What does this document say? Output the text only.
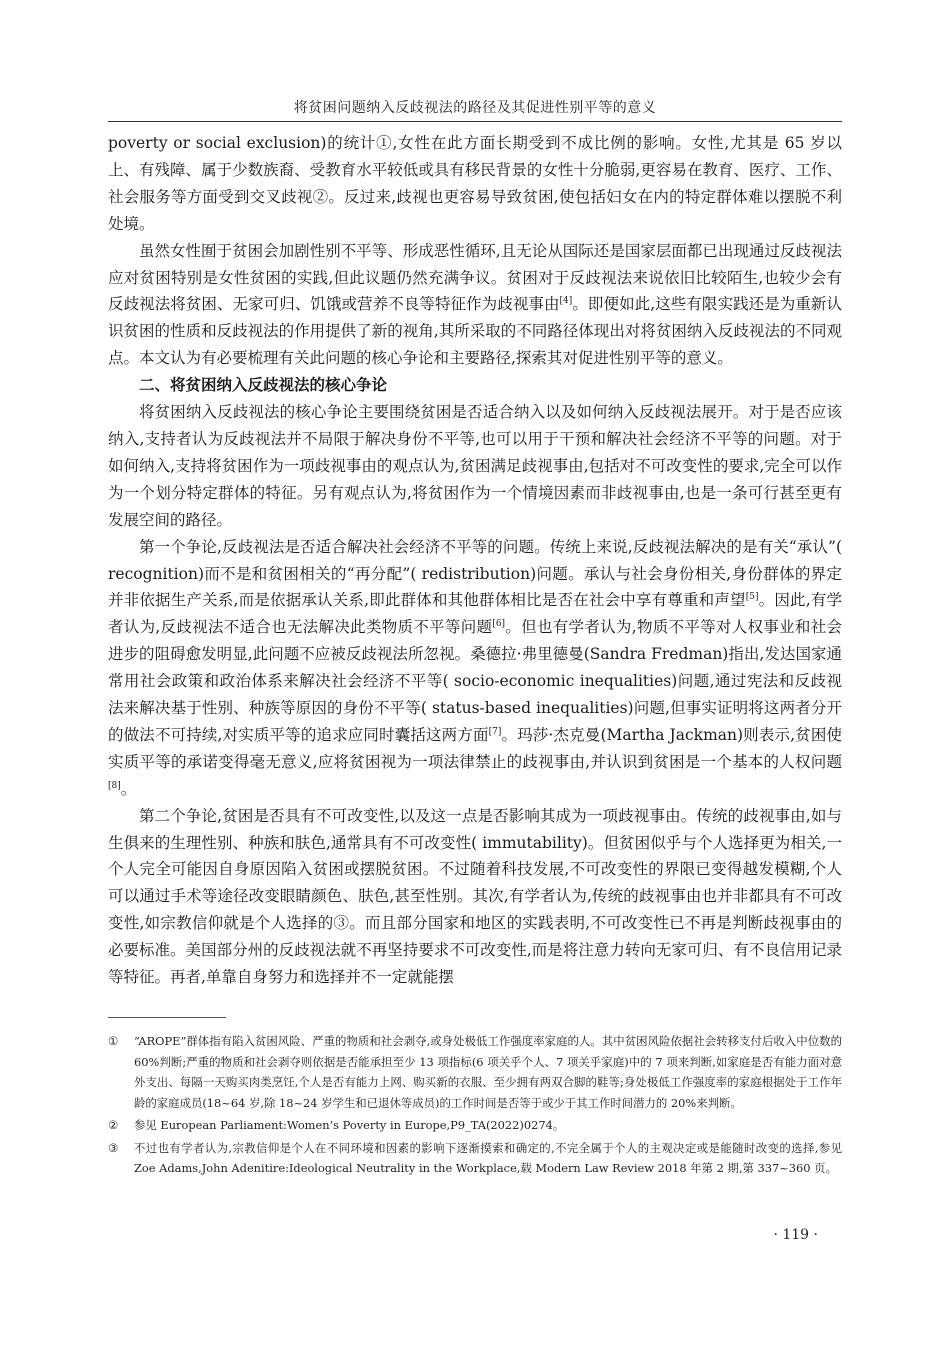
将贫困问题纳入反歧视法的路径及其促进性别平等的意义

poverty or social exclusion)的统计①,女性在此方面长期受到不成比例的影响。女性,尤其是 65 岁以上、有残障、属于少数族裔、受教育水平较低或具有移民背景的女性十分脆弱,更容易在教育、医疗、工作、社会服务等方面受到交叉歧视②。反过来,歧视也更容易导致贫困,使包括妇女在内的特定群体难以摆脱不利处境。

虽然女性囿于贫困会加剧性别不平等、形成恶性循环,且无论从国际还是国家层面都已出现通过反歧视法应对贫困特别是女性贫困的实践,但此议题仍然充满争议。贫困对于反歧视法来说依旧比较陌生,也较少会有反歧视法将贫困、无家可归、饥饿或营养不良等特征作为歧视事由[4]。即便如此,这些有限实践还是为重新认识贫困的性质和反歧视法的作用提供了新的视角,其所采取的不同路径体现出对将贫困纳入反歧视法的不同观点。本文认为有必要梳理有关此问题的核心争论和主要路径,探索其对促进性别平等的意义。

二、将贫困纳入反歧视法的核心争论

将贫困纳入反歧视法的核心争论主要围绕贫困是否适合纳入以及如何纳入反歧视法展开。对于是否应该纳入,支持者认为反歧视法并不局限于解决身份不平等,也可以用于干预和解决社会经济不平等的问题。对于如何纳入,支持将贫困作为一项歧视事由的观点认为,贫困满足歧视事由,包括对不可改变性的要求,完全可以作为一个划分特定群体的特征。另有观点认为,将贫困作为一个情境因素而非歧视事由,也是一条可行甚至更有发展空间的路径。

第一个争论,反歧视法是否适合解决社会经济不平等的问题。传统上来说,反歧视法解决的是有关“承认”( recognition)而不是和贫困相关的“再分配”( redistribution)问题。承认与社会身份相关,身份群体的界定并非依据生产关系,而是依据承认关系,即此群体和其他群体相比是否在社会中享有尊重和声望[5]。因此,有学者认为,反歧视法不适合也无法解决此类物质不平等问题[6]。但也有学者认为,物质不平等对人权事业和社会进步的阻碍愈发明显,此问题不应被反歧视法所忽视。桑德拉·弗里德曼(Sandra Fredman)指出,发达国家通常用社会政策和政治体系来解决社会经济不平等( socio-economic inequalities)问题,通过宪法和反歧视法来解决基于性别、种族等原因的身份不平等( status-based inequalities)问题,但事实证明将这两者分开的做法不可持续,对实质平等的追求应同时囊括这两方面[7]。玛莎·杰克曼(Martha Jackman)则表示,贫困使实质平等的承诺变得毫无意义,应将贫困视为一项法律禁止的歧视事由,并认识到贫困是一个基本的人权问题[8]。

第二个争论,贫困是否具有不可改变性,以及这一点是否影响其成为一项歧视事由。传统的歧视事由,如与生俱来的生理性别、种族和肤色,通常具有不可改变性( immutability)。但贫困似乎与个人选择更为相关,一个人完全可能因自身原因陷入贫困或摆脱贫困。不过随着科技发展,不可改变性的界限已变得越发模糊,个人可以通过手术等途径改变眼睛颜色、肤色,甚至性别。其次,有学者认为,传统的歧视事由也并非都具有不可改变性,如宗教信仰就是个人选择的③。而且部分国家和地区的实践表明,不可改变性已不再是判断歧视事由的必要标准。美国部分州的反歧视法就不再坚持要求不可改变性,而是将注意力转向无家可归、有不良信用记录等特征。再者,单靠自身努力和选择并不一定就能摆

①	“AROPE”群体指有陷入贫困风险、严重的物质和社会剥夺,或身处极低工作强度率家庭的人。其中贫困风险依据社会转移支付后收入中位数的 60%判断;严重的物质和社会剥夺则依据是否能承担至少 13 项指标(6 项关乎个人、7 项关乎家庭)中的 7 项来判断,如家庭是否有能力面对意外支出、每隔一天购买肉类烹饪,个人是否有能力上网、购买新的衣服、至少拥有两双合脚的鞋等;身处极低工作强度率的家庭根据处于工作年龄的家庭成员(18~64 岁,除 18~24 岁学生和已退休等成员)的工作时间是否等于或少于其工作时间潜力的 20%来判断。
②	参见 European Parliament:Women’s Poverty in Europe,P9_TA(2022)0274。
③	不过也有学者认为,宗教信仰是个人在不同环境和因素的影响下逐渐摸索和确定的,不完全属于个人的主观决定或是能随时改变的选择,参见 Zoe Adams,John Adenitire:Ideological Neutrality in the Workplace,载 Modern Law Review 2018 年第 2 期,第 337~360 页。
· 119 ·
